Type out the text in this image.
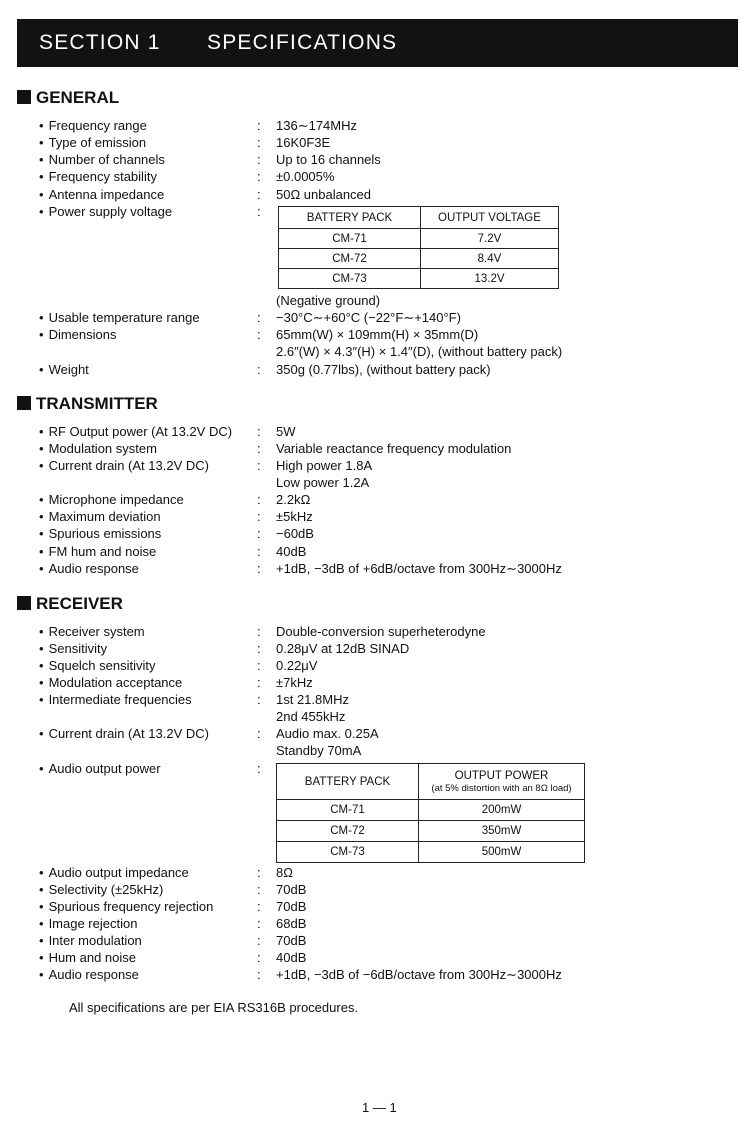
SECTION 1 SPECIFICATIONS
GENERAL
• Frequency range	: 136∼174MHz
• Type of emission	: 16K0F3E
• Number of channels	: Up to 16 channels
• Frequency stability	: ±0.0005%
• Antenna impedance	: 50Ω unbalanced
• Power supply voltage	:	BATTERY PACK	OUTPUT VOLTAGE
CM-71	7.2V
CM-72	8.4V
CM-73	13.2V
(Negative ground)
• Usable temperature range	: −30°C∼+60°C (−22°F∼+140°F)
• Dimensions	: 65mm(W) × 109mm(H) × 35mm(D)
2.6″(W) × 4.3″(H) × 1.4″(D), (without battery pack)
• Weight	: 350g (0.77lbs), (without battery pack)
TRANSMITTER
• RF Output power (At 13.2V DC) : 5W
• Modulation system	: Variable reactance frequency modulation
• Current drain (At 13.2V DC)	: High power 1.8A
Low power 1.2A
• Microphone impedance	: 2.2kΩ
• Maximum deviation	: ±5kHz
• Spurious emissions	: −60dB
• FM hum and noise	: 40dB
• Audio response	: +1dB, −3dB of +6dB/octave from 300Hz∼3000Hz
RECEIVER
• Receiver system	: Double-conversion superheterodyne
• Sensitivity	: 0.28μV at 12dB SINAD
• Squelch sensitivity	: 0.22μV
• Modulation acceptance	: ±7kHz
• Intermediate frequencies	: 1st 21.8MHz
2nd 455kHz
• Current drain (At 13.2V DC)	: Audio max. 0.25A
Standby 70mA
• Audio output power	:
BATTERY PACK	OUTPUT POWER
(at 5% distortion with an 8Ω load)

CM-71	200mW
CM-72	350mW
CM-73	500mW
• Audio output impedance	: 8Ω
• Selectivity (±25kHz)	: 70dB
• Spurious frequency rejection	: 70dB
• Image rejection	: 68dB
• Inter modulation	: 70dB
• Hum and noise	: 40dB
• Audio response	: +1dB, −3dB of −6dB/octave from 300Hz∼3000Hz
All specifications are per EIA RS316B procedures.
1 — 1
